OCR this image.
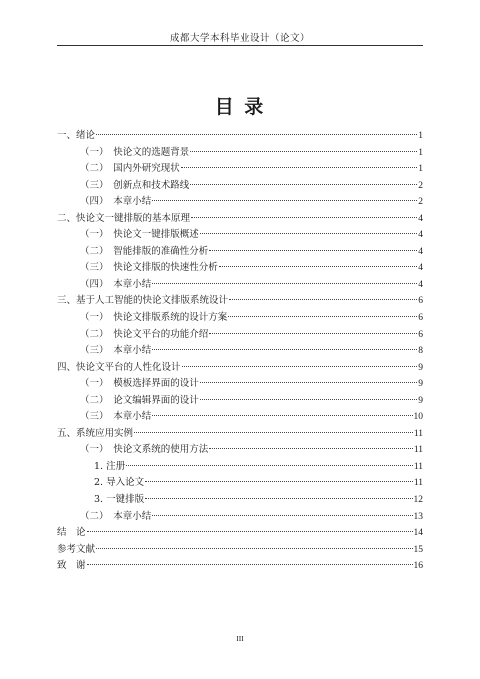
成都大学本科毕业设计（论文）
目 录
一、绪论	1
（一）　快论文的选题背景	1
（二）　国内外研究现状	1
（三）　创新点和技术路线	2
（四）　本章小结	2
二、快论文一键排版的基本原理	4
（一）　快论文一键排版概述	4
（二）　智能排版的准确性分析	4
（三）　快论文排版的快速性分析	4
（四）　本章小结	4
三、基于人工智能的快论文排版系统设计	6
（一）　快论文排版系统的设计方案	6
（二）　快论文平台的功能介绍	6
（三）　本章小结	8
四、快论文平台的人性化设计	9
（一）　模板选择界面的设计	9
（二）　论文编辑界面的设计	9
（三）　本章小结	10
五、系统应用实例	11
（一）　快论文系统的使用方法	11
1. 注册	11
2. 导入论文	11
3. 一键排版	12
（二）　本章小结	13
结　论	14
参考文献	15
致　谢	16
III
